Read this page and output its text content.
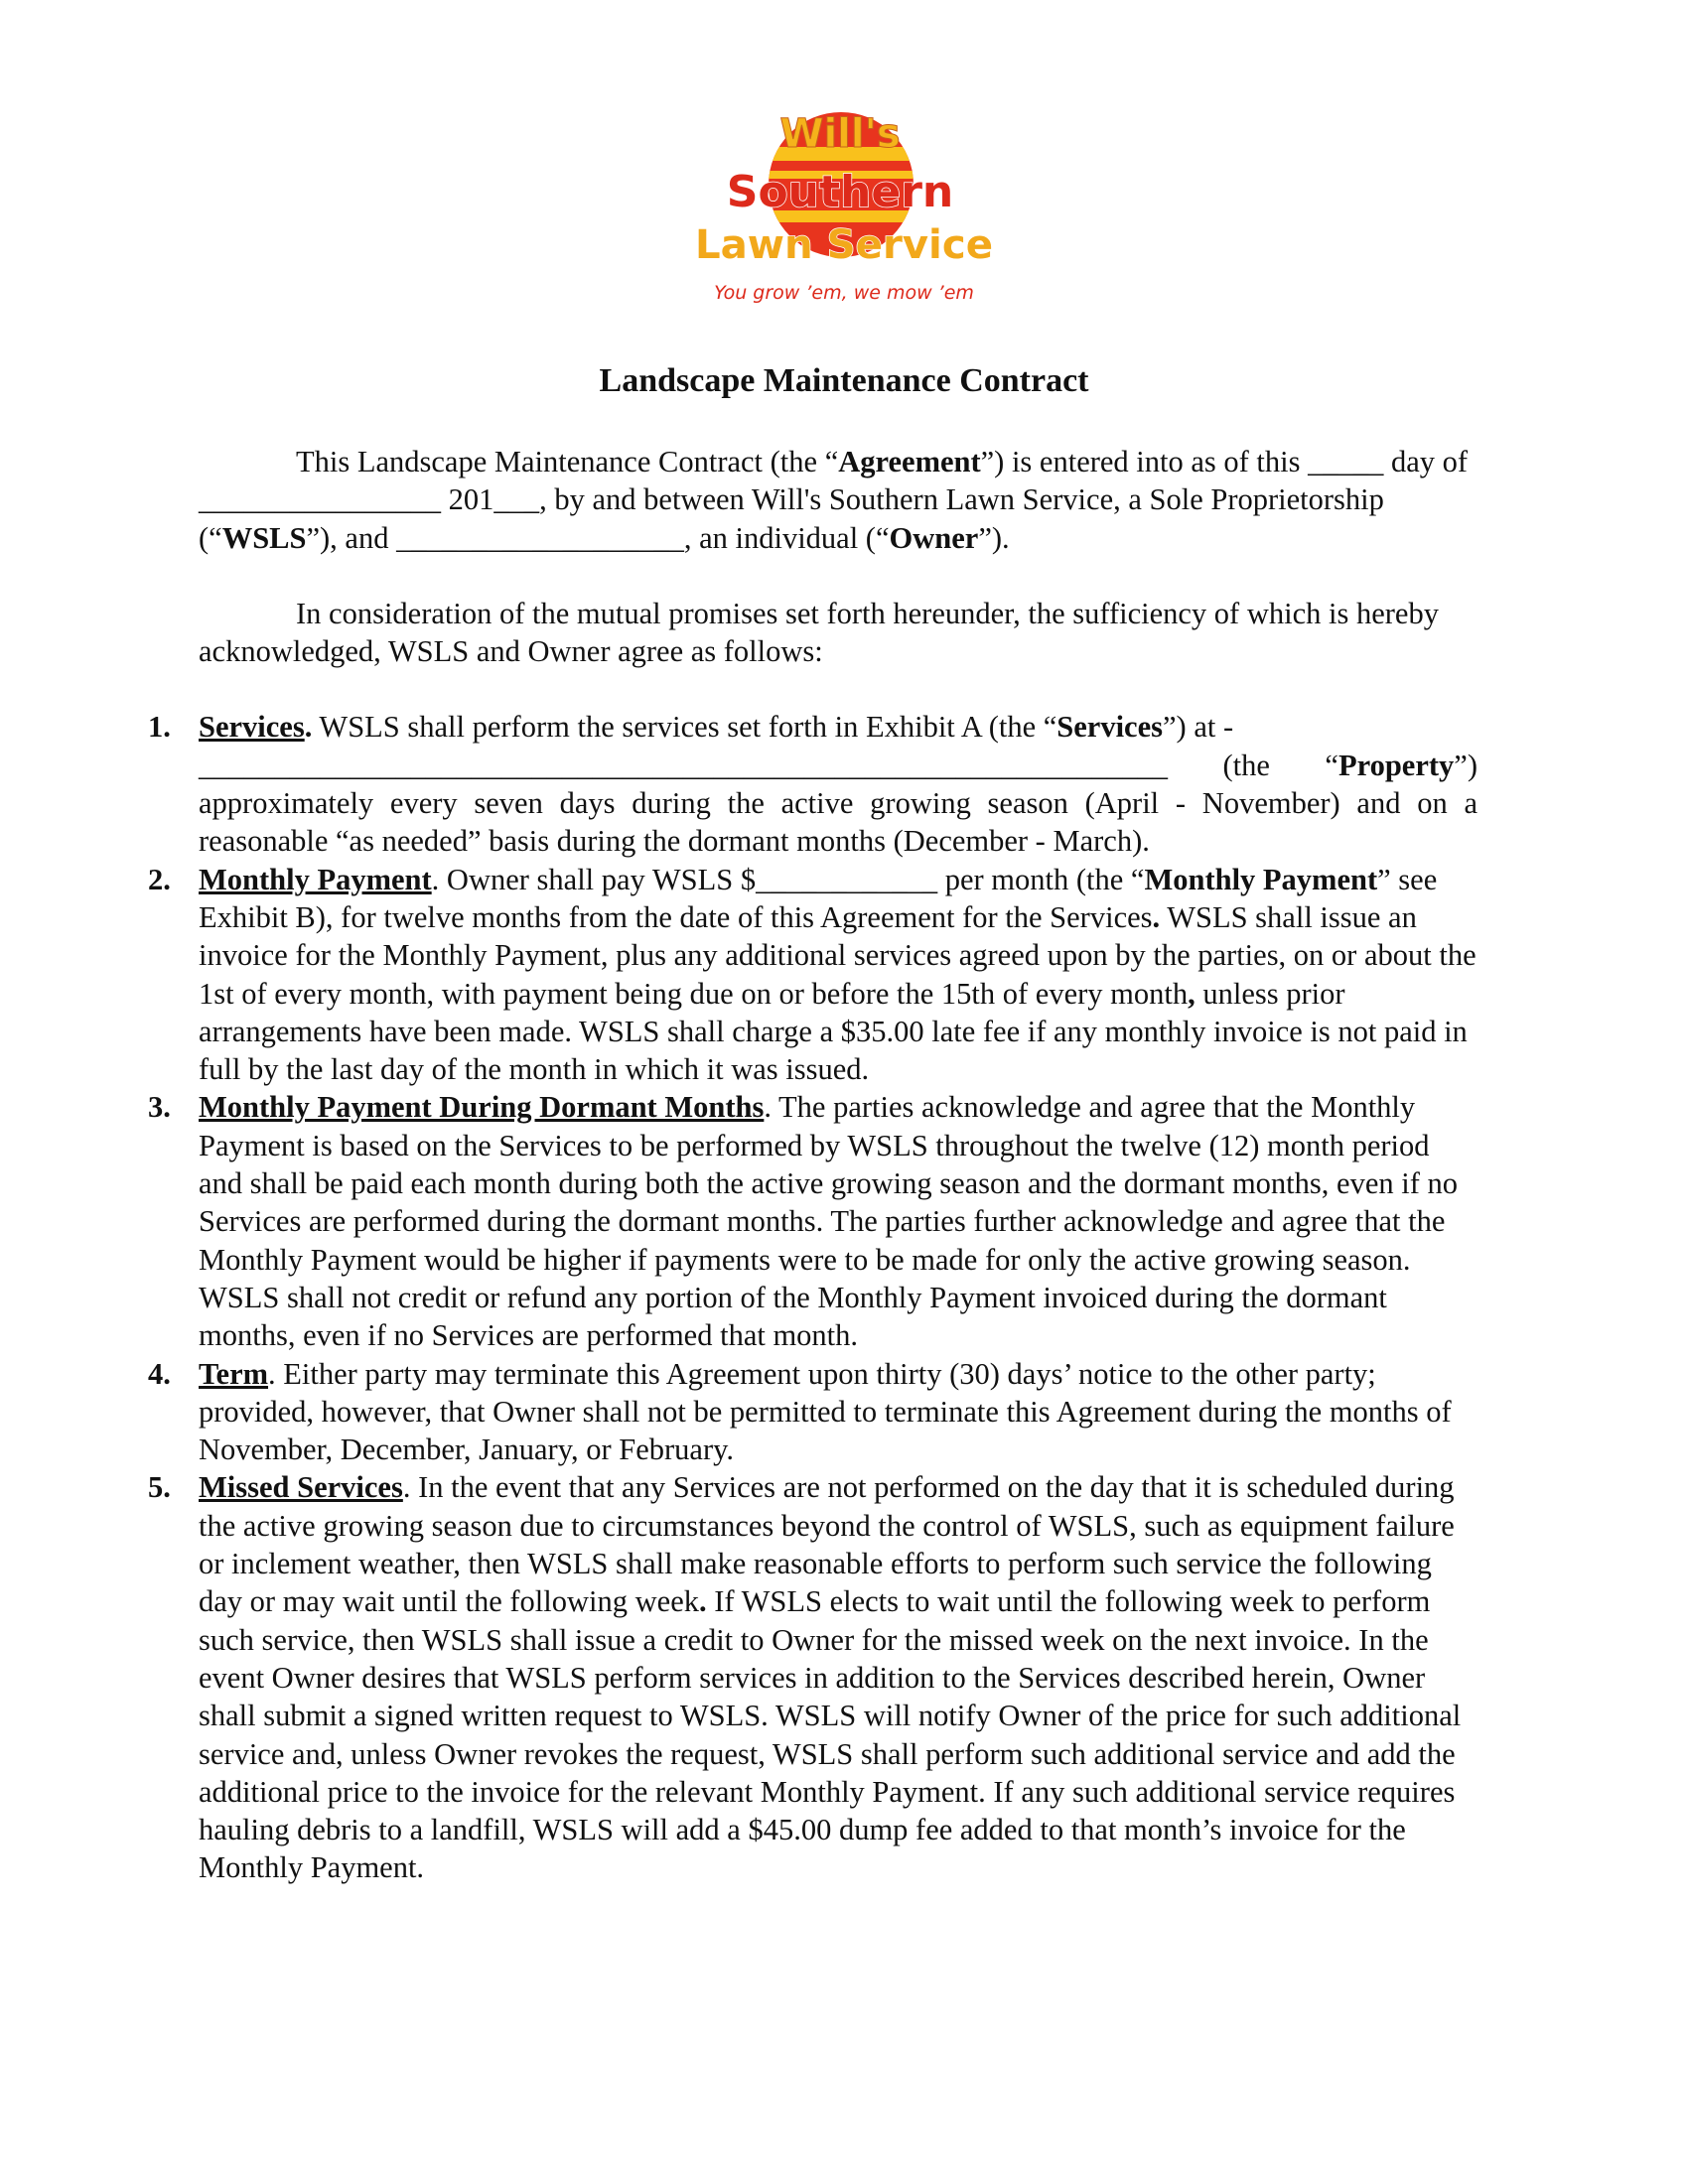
Will's
Southern
Lawn Service
You grow ’em, we mow ’em
Landscape Maintenance Contract

This Landscape Maintenance Contract (the “Agreement”) is entered into as of this _____ day of ________________ 201___, by and between Will's Southern Lawn Service, a Sole Proprietorship (“WSLS”), and ___________________, an individual (“Owner”).

In consideration of the mutual promises set forth hereunder, the sufficiency of which is hereby acknowledged, WSLS and Owner agree as follows:

1. Services. WSLS shall perform the services set forth in Exhibit A (the “Services”) at -
________________________________________________________________ (the “Property”)
approximately every seven days during the active growing season (April - November) and on a reasonable “as needed” basis during the dormant months (December - March).
2. Monthly Payment. Owner shall pay WSLS $____________ per month (the “Monthly Payment” see Exhibit B), for twelve months from the date of this Agreement for the Services. WSLS shall issue an invoice for the Monthly Payment, plus any additional services agreed upon by the parties, on or about the 1st of every month, with payment being due on or before the 15th of every month, unless prior arrangements have been made. WSLS shall charge a $35.00 late fee if any monthly invoice is not paid in full by the last day of the month in which it was issued.
3. Monthly Payment During Dormant Months. The parties acknowledge and agree that the Monthly Payment is based on the Services to be performed by WSLS throughout the twelve (12) month period and shall be paid each month during both the active growing season and the dormant months, even if no Services are performed during the dormant months. The parties further acknowledge and agree that the Monthly Payment would be higher if payments were to be made for only the active growing season. WSLS shall not credit or refund any portion of the Monthly Payment invoiced during the dormant months, even if no Services are performed that month.
4. Term. Either party may terminate this Agreement upon thirty (30) days’ notice to the other party; provided, however, that Owner shall not be permitted to terminate this Agreement during the months of November, December, January, or February.
5. Missed Services. In the event that any Services are not performed on the day that it is scheduled during the active growing season due to circumstances beyond the control of WSLS, such as equipment failure or inclement weather, then WSLS shall make reasonable efforts to perform such service the following day or may wait until the following week. If WSLS elects to wait until the following week to perform such service, then WSLS shall issue a credit to Owner for the missed week on the next invoice. In the event Owner desires that WSLS perform services in addition to the Services described herein, Owner shall submit a signed written request to WSLS. WSLS will notify Owner of the price for such additional service and, unless Owner revokes the request, WSLS shall perform such additional service and add the additional price to the invoice for the relevant Monthly Payment. If any such additional service requires hauling debris to a landfill, WSLS will add a $45.00 dump fee added to that month’s invoice for the Monthly Payment.
